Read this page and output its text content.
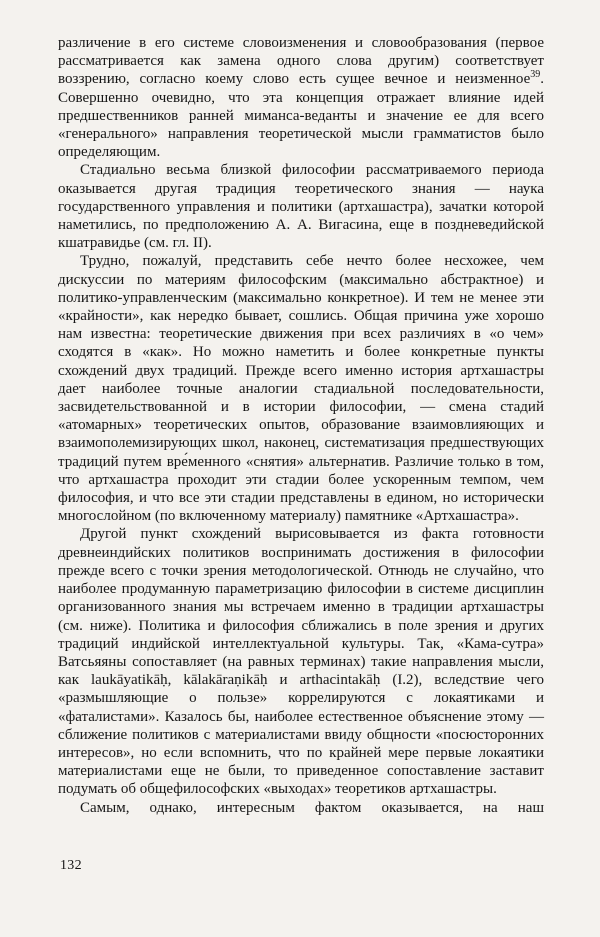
различение в его системе словоизменения и словообразования (первое рассматривается как замена одного слова другим) соответствует воззрению, согласно коему слово есть сущее вечное и неизменное$^{39}$. Совершенно очевидно, что эта концепция отражает влияние идей предшественников ранней миманса-веданты и значение ее для всего «генерального» направления теоретической мысли грамматистов было определяющим.

Стадиально весьма близкой философии рассматриваемого периода оказывается другая традиция теоретического знания — наука государственного управления и политики (артхашастра), зачатки которой наметились, по предположению А. А. Вигасина, еще в поздневедийской кшатравидье (см. гл. II).

Трудно, пожалуй, представить себе нечто более несхожее, чем дискуссии по материям философским (максимально абстрактное) и политико-управленческим (максимально конкретное). И тем не менее эти «крайности», как нередко бывает, сошлись. Общая причина уже хорошо нам известна: теоретические движения при всех различиях в «о чем» сходятся в «как». Но можно наметить и более конкретные пункты схождений двух традиций. Прежде всего именно история артхашастры дает наиболее точные аналогии стадиальной последовательности, засвидетельствованной и в истории философии, — смена стадий «атомарных» теоретических опытов, образование взаимовлияющих и взаимополемизирующих школ, наконец, систематизация предшествующих традиций путем вре́менного «снятия» альтернатив. Различие только в том, что артхашастра проходит эти стадии более ускоренным темпом, чем философия, и что все эти стадии представлены в едином, но исторически многослойном (по включенному материалу) памятнике «Артхашастра».

Другой пункт схождений вырисовывается из факта готовности древнеиндийских политиков воспринимать достижения в философии прежде всего с точки зрения методологической. Отнюдь не случайно, что наиболее продуманную параметризацию философии в системе дисциплин организованного знания мы встречаем именно в традиции артхашастры (см. ниже). Политика и философия сближались в поле зрения и других традиций индийской интеллектуальной культуры. Так, «Кама-сутра» Ватсьяяны сопоставляет (на равных терминах) такие направления мысли, как laukāyatikāḥ, kālakāraṇikāḥ и arthacintakāḥ (I.2), вследствие чего «размышляющие о пользе» коррелируются с локаятиками и «фаталистами». Казалось бы, наиболее естественное объяснение этому — сближение политиков с материалистами ввиду общности «посюсторонних интересов», но если вспомнить, что по крайней мере первые локаятики материалистами еще не были, то приведенное сопоставление заставит подумать об общефилософских «выходах» теоретиков артхашастры.

Самым, однако, интересным фактом оказывается, на наш

132
